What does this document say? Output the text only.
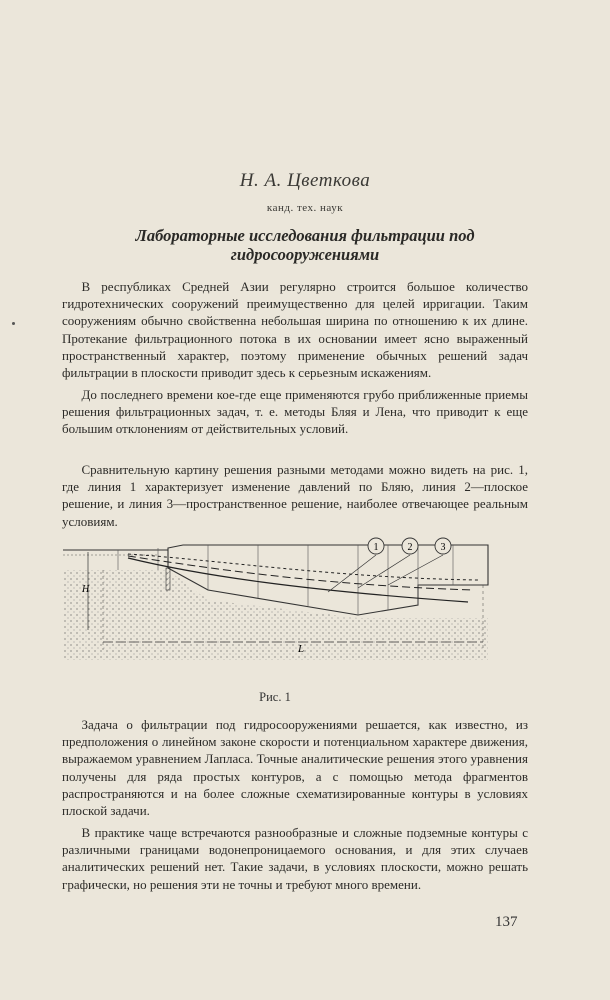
Н. А. Цветкова
канд. тех. наук
Лабораторные исследования фильтрации под гидросооружениями

  В республиках Средней Азии регулярно строится большое количество гидротехнических сооружений преимущественно для целей ирригации. Таким сооружениям обычно свойственна небольшая ширина по отношению к их длине. Протекание фильтрационного потока в их основании имеет ясно выраженный пространственный характер, поэтому применение обычных решений задач фильтрации в плоскости приводит здесь к серьезным искажениям.

  До последнего времени кое-где еще применяются грубо приближенные приемы решения фильтрационных задач, т. е. методы Бляя и Лена, что приводит к еще большим отклонениям от действительных условий.

  Сравнительную картину решения разными методами можно видеть на рис. 1, где линия 1 характеризует изменение давлений по Бляю, линия 2—плоское решение, и линия 3—пространственное решение, наиболее отвечающее реальным условиям.

1	2	3
H
L
Рис. 1

  Задача о фильтрации под гидросооружениями решается, как известно, из предположения о линейном законе скорости и потенциальном характере движения, выражаемом уравнением Лапласа. Точные аналитические решения этого уравнения получены для ряда простых контуров, а с помощью метода фрагментов распространяются и на более сложные схематизированные контуры в условиях плоской задачи.

  В практике чаще встречаются разнообразные и сложные подземные контуры с различными границами водонепроницаемого основания, и для этих случаев аналитических решений нет. Такие задачи, в условиях плоскости, можно решать графически, но решения эти не точны и требуют много времени.

137
